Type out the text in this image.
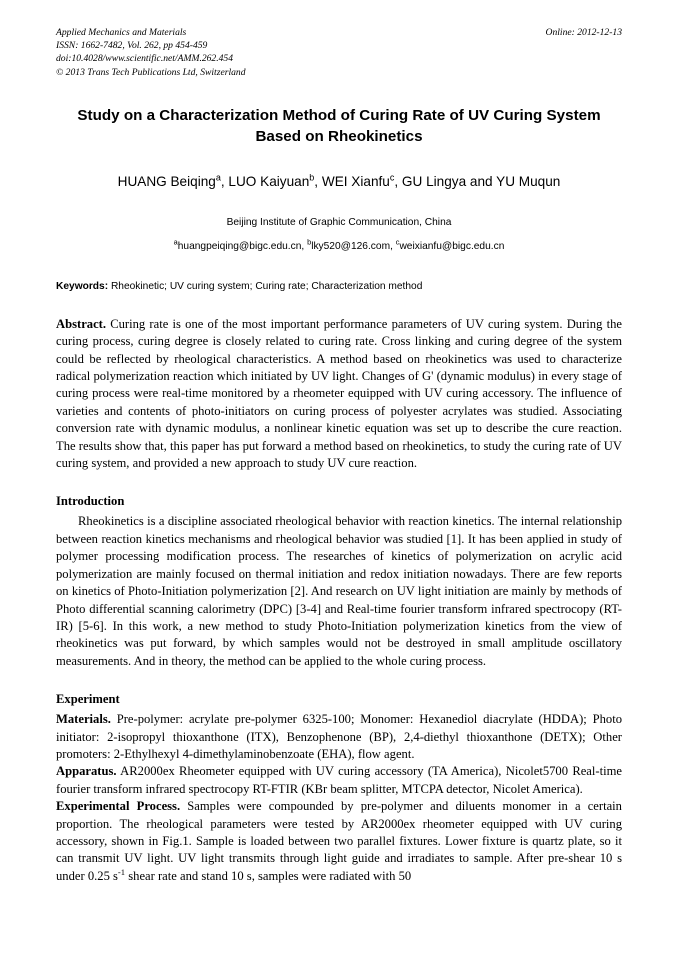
Applied Mechanics and Materials
ISSN: 1662-7482, Vol. 262, pp 454-459
doi:10.4028/www.scientific.net/AMM.262.454
© 2013 Trans Tech Publications Ltd, Switzerland
Online: 2012-12-13
Study on a Characterization Method of Curing Rate of UV Curing System Based on Rheokinetics
HUANG Beiqing$^a$, LUO Kaiyuan$^b$, WEI Xianfu$^c$, GU Lingya and YU Muqun
Beijing Institute of Graphic Communication, China
$^a$huangpeiqing@bigc.edu.cn, $^b$lky520@126.com, $^c$weixianfu@bigc.edu.cn
Keywords: Rheokinetic; UV curing system; Curing rate; Characterization method
Abstract. Curing rate is one of the most important performance parameters of UV curing system. During the curing process, curing degree is closely related to curing rate. Cross linking and curing degree of the system could be reflected by rheological characteristics. A method based on rheokinetics was used to characterize radical polymerization reaction which initiated by UV light. Changes of G' (dynamic modulus) in every stage of curing process were real-time monitored by a rheometer equipped with UV curing accessory. The influence of varieties and contents of photo-initiators on curing process of polyester acrylates was studied. Associating conversion rate with dynamic modulus, a nonlinear kinetic equation was set up to describe the cure reaction. The results show that, this paper has put forward a method based on rheokinetics, to study the curing rate of UV curing system, and provided a new approach to study UV cure reaction.
Introduction

Rheokinetics is a discipline associated rheological behavior with reaction kinetics. The internal relationship between reaction kinetics mechanisms and rheological behavior was studied [1]. It has been applied in study of polymer processing modification process. The researches of kinetics of polymerization on acrylic acid polymerization are mainly focused on thermal initiation and redox initiation nowadays. There are few reports on kinetics of Photo-Initiation polymerization [2]. And research on UV light initiation are mainly by methods of Photo differential scanning calorimetry (DPC) [3-4] and Real-time fourier transform infrared spectrocopy (RT-IR) [5-6]. In this work, a new method to study Photo-Initiation polymerization kinetics from the view of rheokinetics was put forward, by which samples would not be destroyed in small amplitude oscillatory measurements. And in theory, the method can be applied to the whole curing process.

Experiment

Materials. Pre-polymer: acrylate pre-polymer 6325-100; Monomer: Hexanediol diacrylate (HDDA); Photo initiator: 2-isopropyl thioxanthone (ITX), Benzophenone (BP), 2,4-diethyl thioxanthone (DETX); Other promoters: 2-Ethylhexyl 4-dimethylaminobenzoate (EHA), flow agent.

Apparatus. AR2000ex Rheometer equipped with UV curing accessory (TA America), Nicolet5700 Real-time fourier transform infrared spectrocopy RT-FTIR (KBr beam splitter, MTCPA detector, Nicolet America).

Experimental Process. Samples were compounded by pre-polymer and diluents monomer in a certain proportion. The rheological parameters were tested by AR2000ex rheometer equipped with UV curing accessory, shown in Fig.1. Sample is loaded between two parallel fixtures. Lower fixture is quartz plate, so it can transmit UV light. UV light transmits through light guide and irradiates to sample. After pre-shear 10 s under 0.25 $s^{-1}$ shear rate and stand 10 s, samples were radiated with 50
